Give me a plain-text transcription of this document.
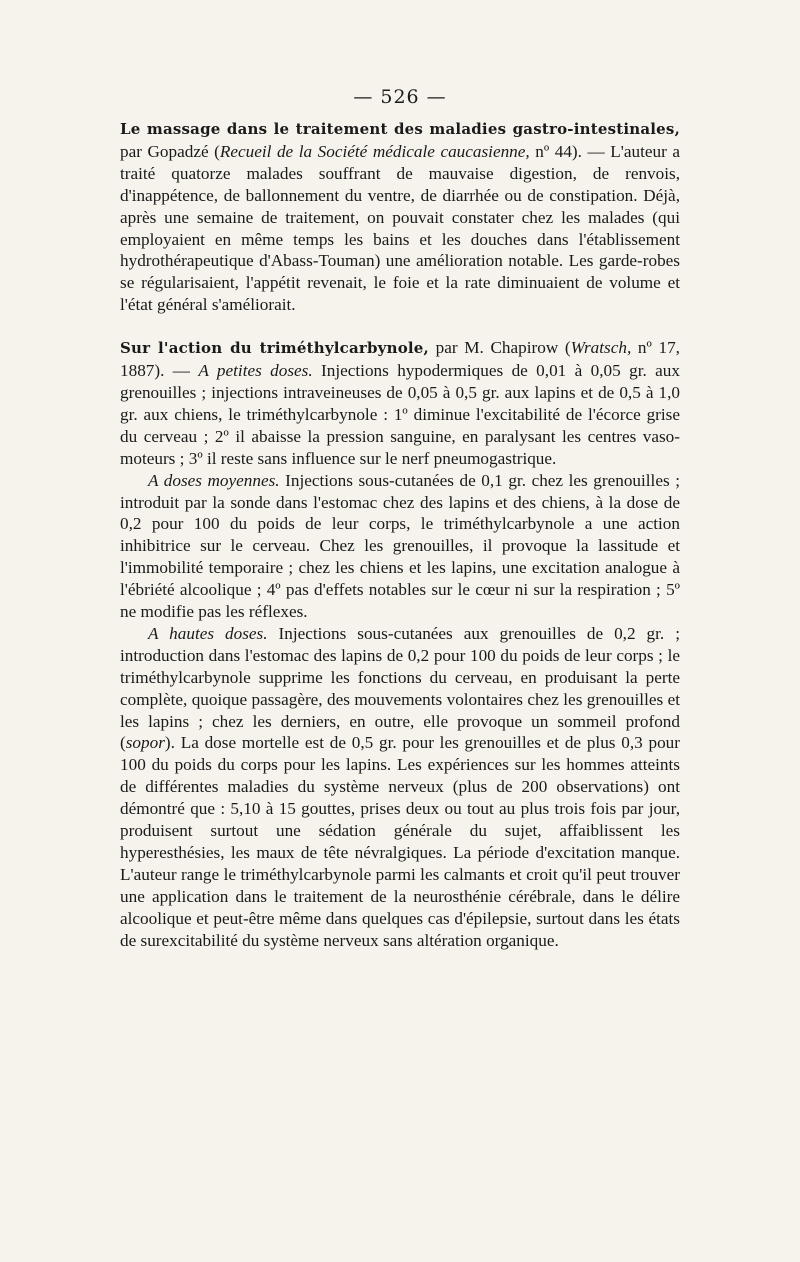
— 526 —

Le massage dans le traitement des maladies gastro-intestinales, par Gopadzé (Recueil de la Société médicale caucasienne, nº 44). — L'auteur a traité quatorze malades souffrant de mauvaise digestion, de renvois, d'inappétence, de ballonnement du ventre, de diarrhée ou de constipation. Déjà, après une semaine de traitement, on pouvait constater chez les malades (qui employaient en même temps les bains et les douches dans l'établissement hydrothérapeutique d'Abass-Touman) une amélioration notable. Les garde-robes se régularisaient, l'appétit revenait, le foie et la rate diminuaient de volume et l'état général s'améliorait.

Sur l'action du triméthylcarbynole, par M. Chapirow (Wratsch, nº 17, 1887). — A petites doses. Injections hypodermiques de 0,01 à 0,05 gr. aux grenouilles ; injections intraveineuses de 0,05 à 0,5 gr. aux lapins et de 0,5 à 1,0 gr. aux chiens, le triméthylcarbynole : 1º diminue l'excitabilité de l'écorce grise du cerveau ; 2º il abaisse la pression sanguine, en paralysant les centres vaso-moteurs ; 3º il reste sans influence sur le nerf pneumogastrique.

A doses moyennes. Injections sous-cutanées de 0,1 gr. chez les grenouilles ; introduit par la sonde dans l'estomac chez des lapins et des chiens, à la dose de 0,2 pour 100 du poids de leur corps, le triméthylcarbynole a une action inhibitrice sur le cerveau. Chez les grenouilles, il provoque la lassitude et l'immobilité temporaire ; chez les chiens et les lapins, une excitation analogue à l'ébriété alcoolique ; 4º pas d'effets notables sur le cœur ni sur la respiration ; 5º ne modifie pas les réflexes.

A hautes doses. Injections sous-cutanées aux grenouilles de 0,2 gr. ; introduction dans l'estomac des lapins de 0,2 pour 100 du poids de leur corps ; le triméthylcarbynole supprime les fonctions du cerveau, en produisant la perte complète, quoique passagère, des mouvements volontaires chez les grenouilles et les lapins ; chez les derniers, en outre, elle provoque un sommeil profond (sopor). La dose mortelle est de 0,5 gr. pour les grenouilles et de plus 0,3 pour 100 du poids du corps pour les lapins. Les expériences sur les hommes atteints de différentes maladies du système nerveux (plus de 200 observations) ont démontré que : 5,10 à 15 gouttes, prises deux ou tout au plus trois fois par jour, produisent surtout une sédation générale du sujet, affaiblissent les hyperesthésies, les maux de tête névralgiques. La période d'excitation manque. L'auteur range le triméthylcarbynole parmi les calmants et croit qu'il peut trouver une application dans le traitement de la neurosthénie cérébrale, dans le délire alcoolique et peut-être même dans quelques cas d'épilepsie, surtout dans les états de surexcitabilité du système nerveux sans altération organique.
